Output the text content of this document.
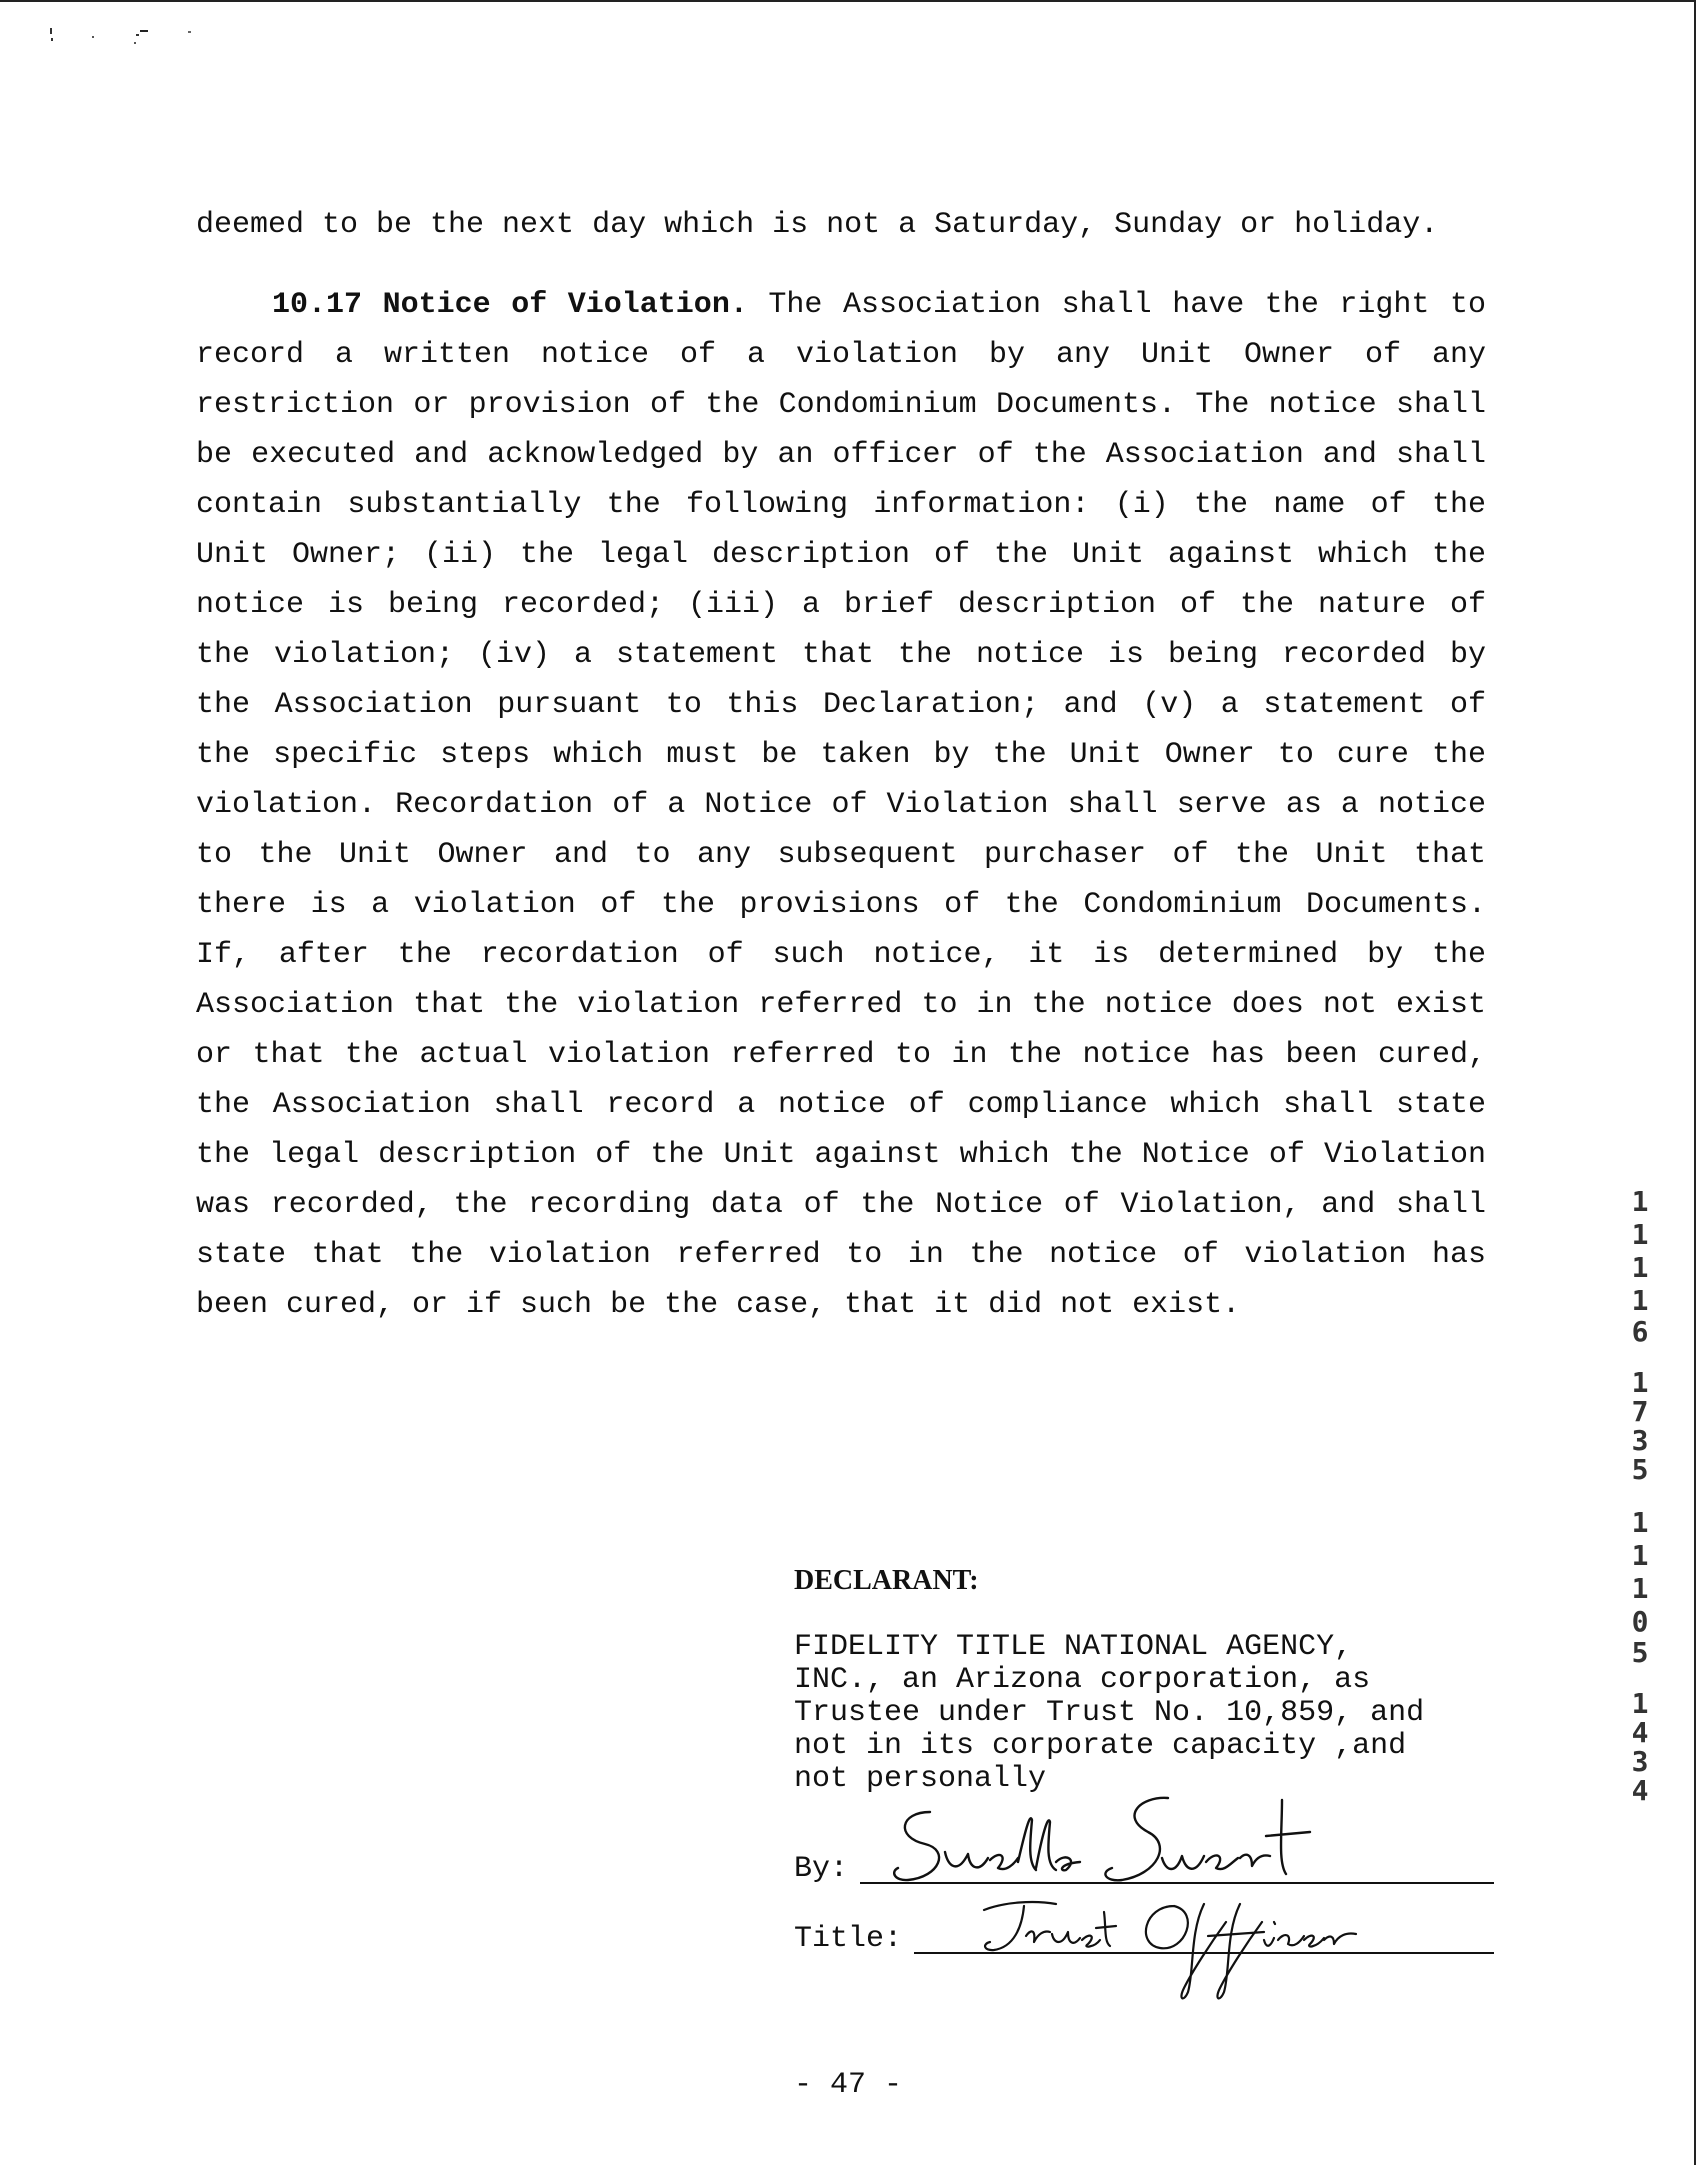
deemed to be the next day which is not a Saturday, Sunday or holiday.

10.17 Notice of Violation. The Association shall have the right to record a written notice of a violation by any Unit Owner of any restriction or provision of the Condominium Documents. The notice shall be executed and acknowledged by an officer of the Association and shall contain substantially the following information: (i) the name of the Unit Owner; (ii) the legal description of the Unit against which the notice is being recorded; (iii) a brief description of the nature of the violation; (iv) a statement that the notice is being recorded by the Association pursuant to this Declaration; and (v) a statement of the specific steps which must be taken by the Unit Owner to cure the violation. Recordation of a Notice of Violation shall serve as a notice to the Unit Owner and to any subsequent purchaser of the Unit that there is a violation of the provisions of the Condominium Documents. If, after the recordation of such notice, it is determined by the Association that the violation referred to in the notice does not exist or that the actual violation referred to in the notice has been cured, the Association shall record a notice of compliance which shall state the legal description of the Unit against which the Notice of Violation was recorded, the recording data of the Notice of Violation, and shall state that the violation referred to in the notice of violation has been cured, or if such be the case, that it did not exist.

DECLARANT:

FIDELITY TITLE NATIONAL AGENCY,
INC., an Arizona corporation, as
Trustee under Trust No. 10,859, and
not in its corporate capacity ,and
not personally

By:
Title:
- 47 -
1111
6
1
7
3
5
1110
5
1
4
3
4
